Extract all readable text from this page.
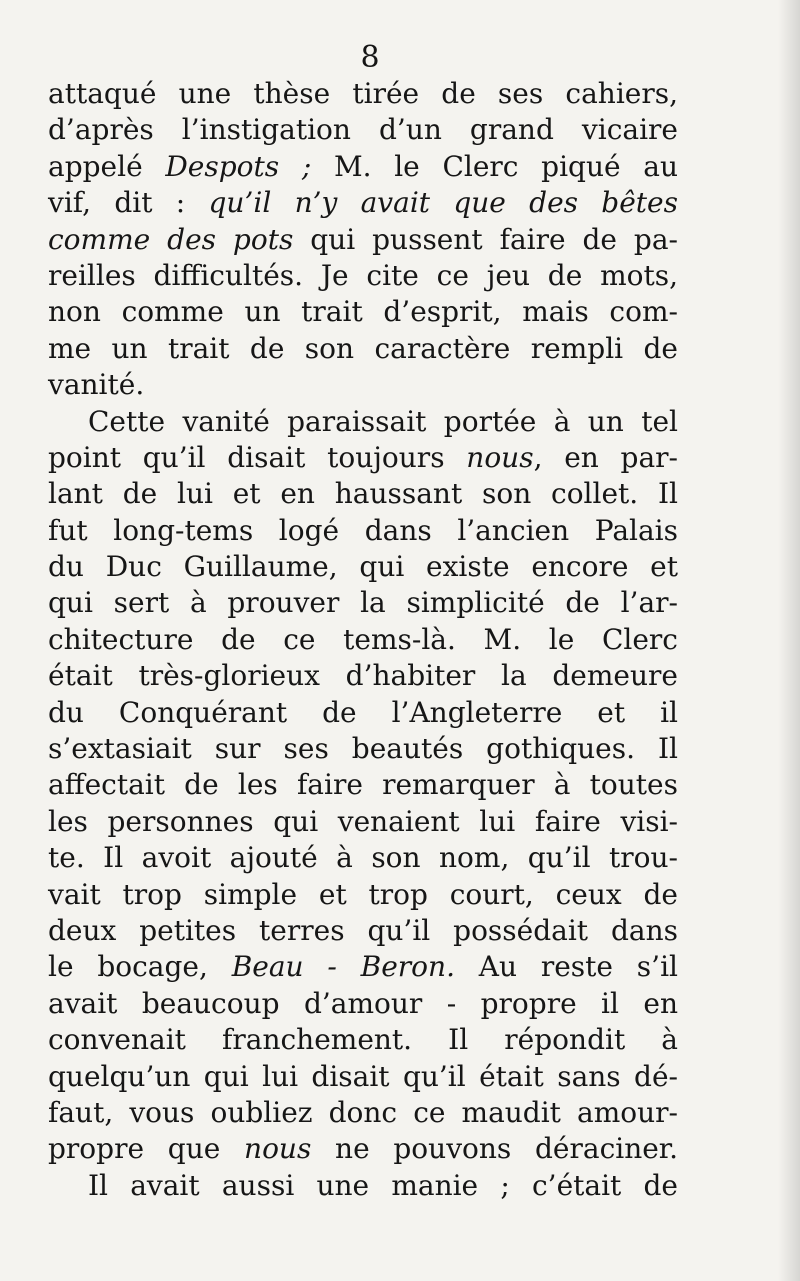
8
attaqué une thèse tirée de ses cahiers,
d’après l’instigation d’un grand vicaire
appelé Despots ; M. le Clerc piqué au
vif, dit : qu’il n’y avait que des bêtes
comme des pots qui pussent faire de pa-
reilles difficultés. Je cite ce jeu de mots,
non comme un trait d’esprit, mais com-
me un trait de son caractère rempli de
vanité.
Cette vanité paraissait portée à un tel
point qu’il disait toujours nous, en par-
lant de lui et en haussant son collet. Il
fut long-tems logé dans l’ancien Palais
du Duc Guillaume, qui existe encore et
qui sert à prouver la simplicité de l’ar-
chitecture de ce tems-là. M. le Clerc
était très-glorieux d’habiter la demeure
du Conquérant de l’Angleterre et il
s’extasiait sur ses beautés gothiques. Il
affectait de les faire remarquer à toutes
les personnes qui venaient lui faire visi-
te. Il avoit ajouté à son nom, qu’il trou-
vait trop simple et trop court, ceux de
deux petites terres qu’il possédait dans
le bocage, Beau - Beron. Au reste s’il
avait beaucoup d’amour - propre il en
convenait franchement. Il répondit à
quelqu’un qui lui disait qu’il était sans dé-
faut, vous oubliez donc ce maudit amour-
propre que nous ne pouvons déraciner.
Il avait aussi une manie ; c’était de
